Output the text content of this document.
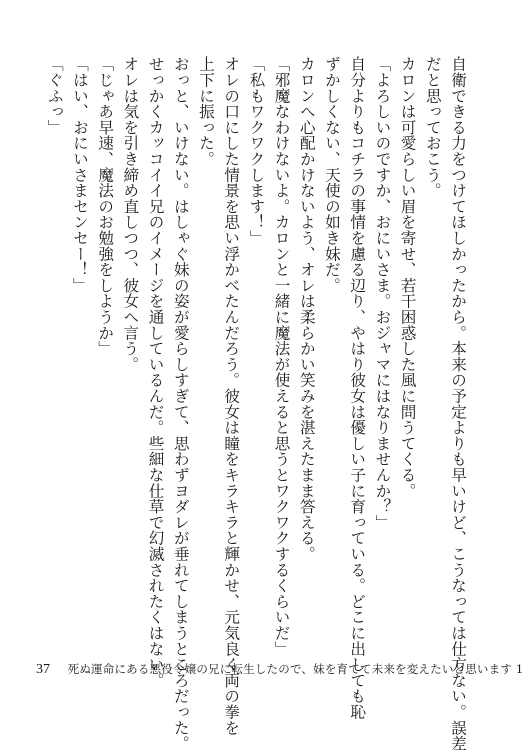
自衛できる力をつけてほしかったから。本来の予定よりも早いけど、こうなっては仕方ない。誤差

だと思っておこう。

カロンは可愛らしい眉を寄せ、若干困惑した風に問うてくる。

「よろしいのですか、おにいさま。おジャマにはなりませんか？」

自分よりもコチラの事情を慮る辺り、やはり彼女は優しい子に育っている。どこに出しても恥

ずかしくない、天使の如き妹だ。

カロンへ心配かけないよう、オレは柔らかい笑みを湛えたまま答える。

「邪魔なわけないよ。カロンと一緒に魔法が使えると思うとワクワクするくらいだ」

「私もワクワクします！」

オレの口にした情景を思い浮かべたんだろう。彼女は瞳をキラキラと輝かせ、元気良く両の拳を

上下に振った。

おっと、いけない。はしゃぐ妹の姿が愛らしすぎて、思わずヨダレが垂れてしまうところだった。

せっかくカッコイイ兄のイメージを通しているんだ。些細な仕草で幻滅されたくはない。

オレは気を引き締め直しつつ、彼女へ言う。

「じゃあ早速、魔法のお勉強をしようか」

「はい、おにいさまセンセー！」

「ぐふっ」

37 死ぬ運命にある悪役令嬢の兄に転生したので、妹を育てて未来を変えたいと思います 1
